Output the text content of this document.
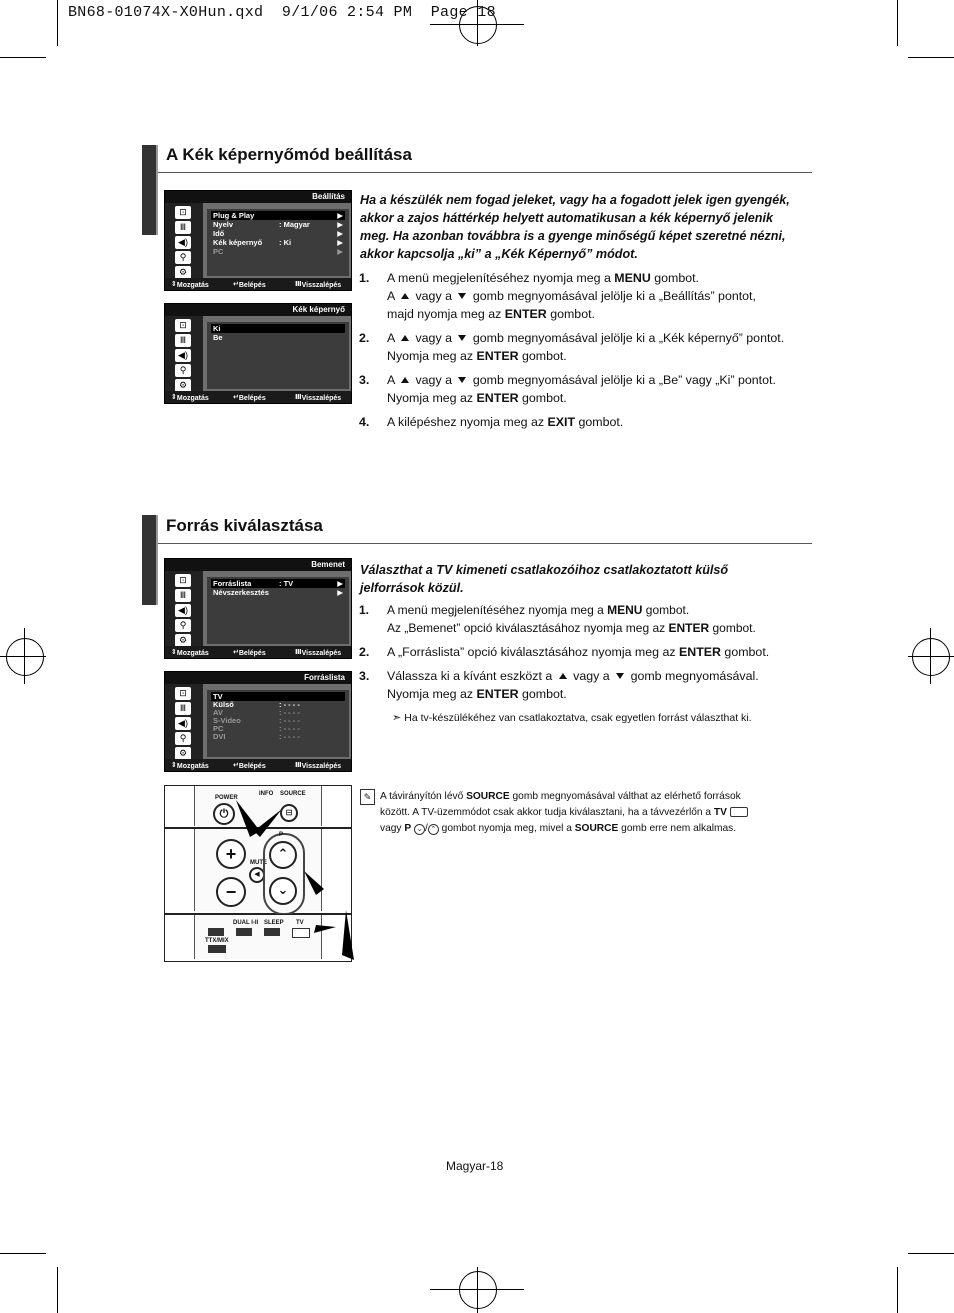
BN68-01074X-X0Hun.qxd  9/1/06 2:54 PM  Page 18
A Kék képernyőmód beállítása
Beállítás
⊡
Ⅲ
◀)
⚲
⚙
Plug & Play	▶
Nyelv	: Magyar	▶
Idő	▶
Kék képernyő : Ki	▶
PC	▶
⇕ Mozgatás	↵ Belépés	Ⅲ Visszalépés
Kék képernyő
⊡
Ⅲ
◀)
⚲
⚙
Ki
Be
⇕ Mozgatás	↵ Belépés	Ⅲ Visszalépés
Ha a készülék nem fogad jeleket, vagy ha a fogadott jelek igen gyengék, akkor a zajos háttérkép helyett automatikusan a kék képernyő jelenik meg. Ha azonban továbbra is a gyenge minőségű képet szeretné nézni, akkor kapcsolja „ki” a „Kék Képernyő” módot.
1.	A menü megjelenítéséhez nyomja meg a MENU gombot.
A  vagy a  gomb megnyomásával jelölje ki a „Beállítás” pontot,
majd nyomja meg az ENTER gombot.
2.	A  vagy a  gomb megnyomásával jelölje ki a „Kék képernyő” pontot.
Nyomja meg az ENTER gombot.
3.	A  vagy a  gomb megnyomásával jelölje ki a „Be” vagy „Ki” pontot.
Nyomja meg az ENTER gombot.
4.	A kilépéshez nyomja meg az EXIT gombot.
Forrás kiválasztása
Bemenet
⊡
Ⅲ
◀)
⚲
⚙
Forráslista	: TV	▶
Névszerkesztés	▶
⇕ Mozgatás	↵ Belépés	Ⅲ Visszalépés
Forráslista
⊡
Ⅲ
◀)
⚲
⚙
TV
Külső	: - - - -
AV	: - - - -
S-Video	: - - - -
PC	: - - - -
DVI	: - - - -
⇕ Mozgatás	↵ Belépés	Ⅲ Visszalépés
POWER
⏻
INFO SOURCE
⊟
+
−
MUTE
◀
P
⌃
⌄
DUAL I-II SLEEP TV
TTX/MIX
Választhat a TV kimeneti csatlakozóihoz csatlakoztatott külső jelforrások közül.
1.	A menü megjelenítéséhez nyomja meg a MENU gombot.
Az „Bemenet” opció kiválasztásához nyomja meg az ENTER gombot.
2.	A „Forráslista” opció kiválasztásához nyomja meg az ENTER gombot.
3.	Válassza ki a kívánt eszközt a  vagy a  gomb megnyomásával.
Nyomja meg az ENTER gombot.
➣ Ha tv-készülékéhez van csatlakoztatva, csak egyetlen forrást választhat ki.
✎ A távirányítón lévő SOURCE gomb megnyomásával válthat az elérhető források
között. A TV-üzemmódot csak akkor tudja kiválasztani, ha a távvezérlőn a TV
vagy P ⌄ / ⌃ gombot nyomja meg, mivel a SOURCE gomb erre nem alkalmas.
Magyar-18
